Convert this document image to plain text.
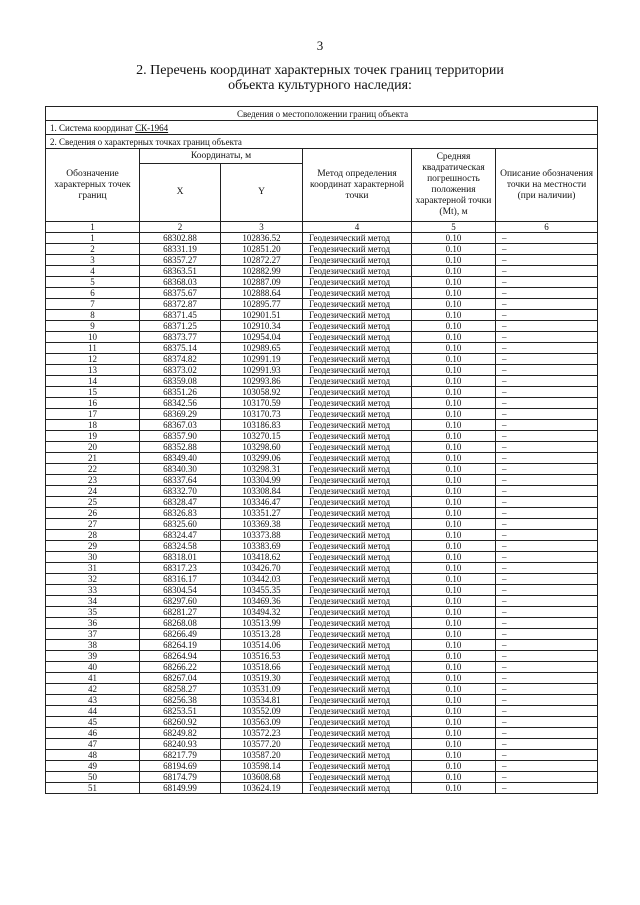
3
2. Перечень координат характерных точек границ территории
объекта культурного наследия:
Сведения о местоположении границ объекта					
1. Система координат СК-1964					
2. Сведения о характерных точках границ объекта					
Обозначение характерных точек границ	Координаты, м		Метод определения координат характерной точки	Средняя квадратическая погрешность положения характерной точки (Mt), м	Описание обозначения точки на местности (при наличии)
	X	Y			
1	2	3	4	5	6
1	68302.88	102836.52	Геодезический метод	0.10	–
2	68331.19	102851.20	Геодезический метод	0.10	–
3	68357.27	102872.27	Геодезический метод	0.10	–
4	68363.51	102882.99	Геодезический метод	0.10	–
5	68368.03	102887.09	Геодезический метод	0.10	–
6	68375.67	102888.64	Геодезический метод	0.10	–
7	68372.87	102895.77	Геодезический метод	0.10	–
8	68371.45	102901.51	Геодезический метод	0.10	–
9	68371.25	102910.34	Геодезический метод	0.10	–
10	68373.77	102954.04	Геодезический метод	0.10	–
11	68375.14	102989.65	Геодезический метод	0.10	–
12	68374.82	102991.19	Геодезический метод	0.10	–
13	68373.02	102991.93	Геодезический метод	0.10	–
14	68359.08	102993.86	Геодезический метод	0.10	–
15	68351.26	103058.92	Геодезический метод	0.10	–
16	68342.56	103170.59	Геодезический метод	0.10	–
17	68369.29	103170.73	Геодезический метод	0.10	–
18	68367.03	103186.83	Геодезический метод	0.10	–
19	68357.90	103270.15	Геодезический метод	0.10	–
20	68352.88	103298.60	Геодезический метод	0.10	–
21	68349.40	103299.06	Геодезический метод	0.10	–
22	68340.30	103298.31	Геодезический метод	0.10	–
23	68337.64	103304.99	Геодезический метод	0.10	–
24	68332.70	103308.84	Геодезический метод	0.10	–
25	68328.47	103346.47	Геодезический метод	0.10	–
26	68326.83	103351.27	Геодезический метод	0.10	–
27	68325.60	103369.38	Геодезический метод	0.10	–
28	68324.47	103373.88	Геодезический метод	0.10	–
29	68324.58	103383.69	Геодезический метод	0.10	–
30	68318.01	103418.62	Геодезический метод	0.10	–
31	68317.23	103426.70	Геодезический метод	0.10	–
32	68316.17	103442.03	Геодезический метод	0.10	–
33	68304.54	103455.35	Геодезический метод	0.10	–
34	68297.60	103469.36	Геодезический метод	0.10	–
35	68281.27	103494.32	Геодезический метод	0.10	–
36	68268.08	103513.99	Геодезический метод	0.10	–
37	68266.49	103513.28	Геодезический метод	0.10	–
38	68264.19	103514.06	Геодезический метод	0.10	–
39	68264.94	103516.53	Геодезический метод	0.10	–
40	68266.22	103518.66	Геодезический метод	0.10	–
41	68267.04	103519.30	Геодезический метод	0.10	–
42	68258.27	103531.09	Геодезический метод	0.10	–
43	68256.38	103534.81	Геодезический метод	0.10	–
44	68253.51	103552.09	Геодезический метод	0.10	–
45	68260.92	103563.09	Геодезический метод	0.10	–
46	68249.82	103572.23	Геодезический метод	0.10	–
47	68240.93	103577.20	Геодезический метод	0.10	–
48	68217.79	103587.20	Геодезический метод	0.10	–
49	68194.69	103598.14	Геодезический метод	0.10	–
50	68174.79	103608.68	Геодезический метод	0.10	–
51	68149.99	103624.19	Геодезический метод	0.10	–
